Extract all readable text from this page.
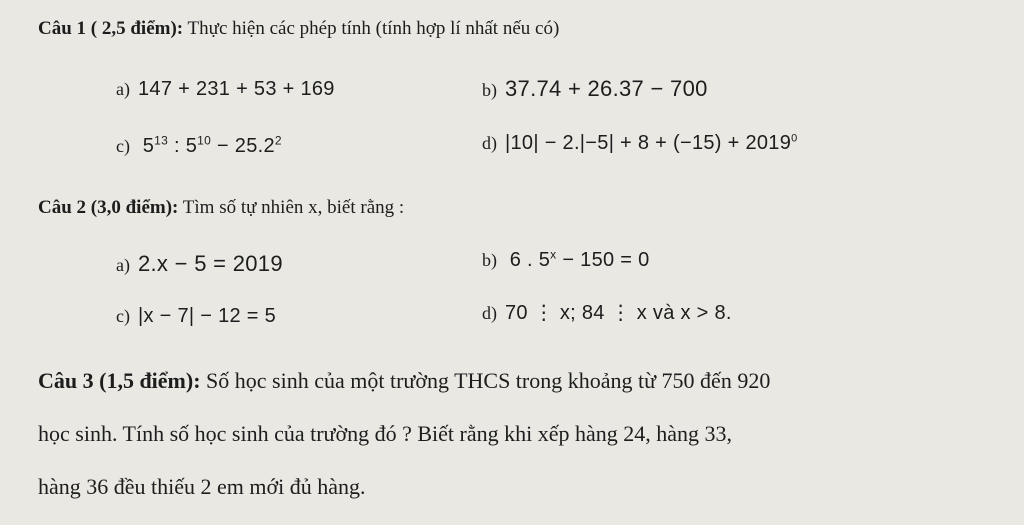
Câu 1 ( 2,5 điểm): Thực hiện các phép tính (tính hợp lí nhất nếu có)
a) 147 + 231 + 53 + 169	b) 37.74 + 26.37 − 700
c) $5^{13}$ : $5^{10} - 25.2^2$	d) $|10| - 2.|-5| + 8 + (-15) + 2019^0$
Câu 2 (3,0 điểm): Tìm số tự nhiên x, biết rằng :
a) 2.x − 5 = 2019	b) 6 . $5^x - 150 = 0$
c) |x − 7| − 12 = 5	d) 70 ⋮ x; 84 ⋮ x và x > 8.
Câu 3 (1,5 điểm): Số học sinh của một trường THCS trong khoảng từ 750 đến 920
học sinh. Tính số học sinh của trường đó ? Biết rằng khi xếp hàng 24, hàng 33,
hàng 36 đều thiếu 2 em mới đủ hàng.
